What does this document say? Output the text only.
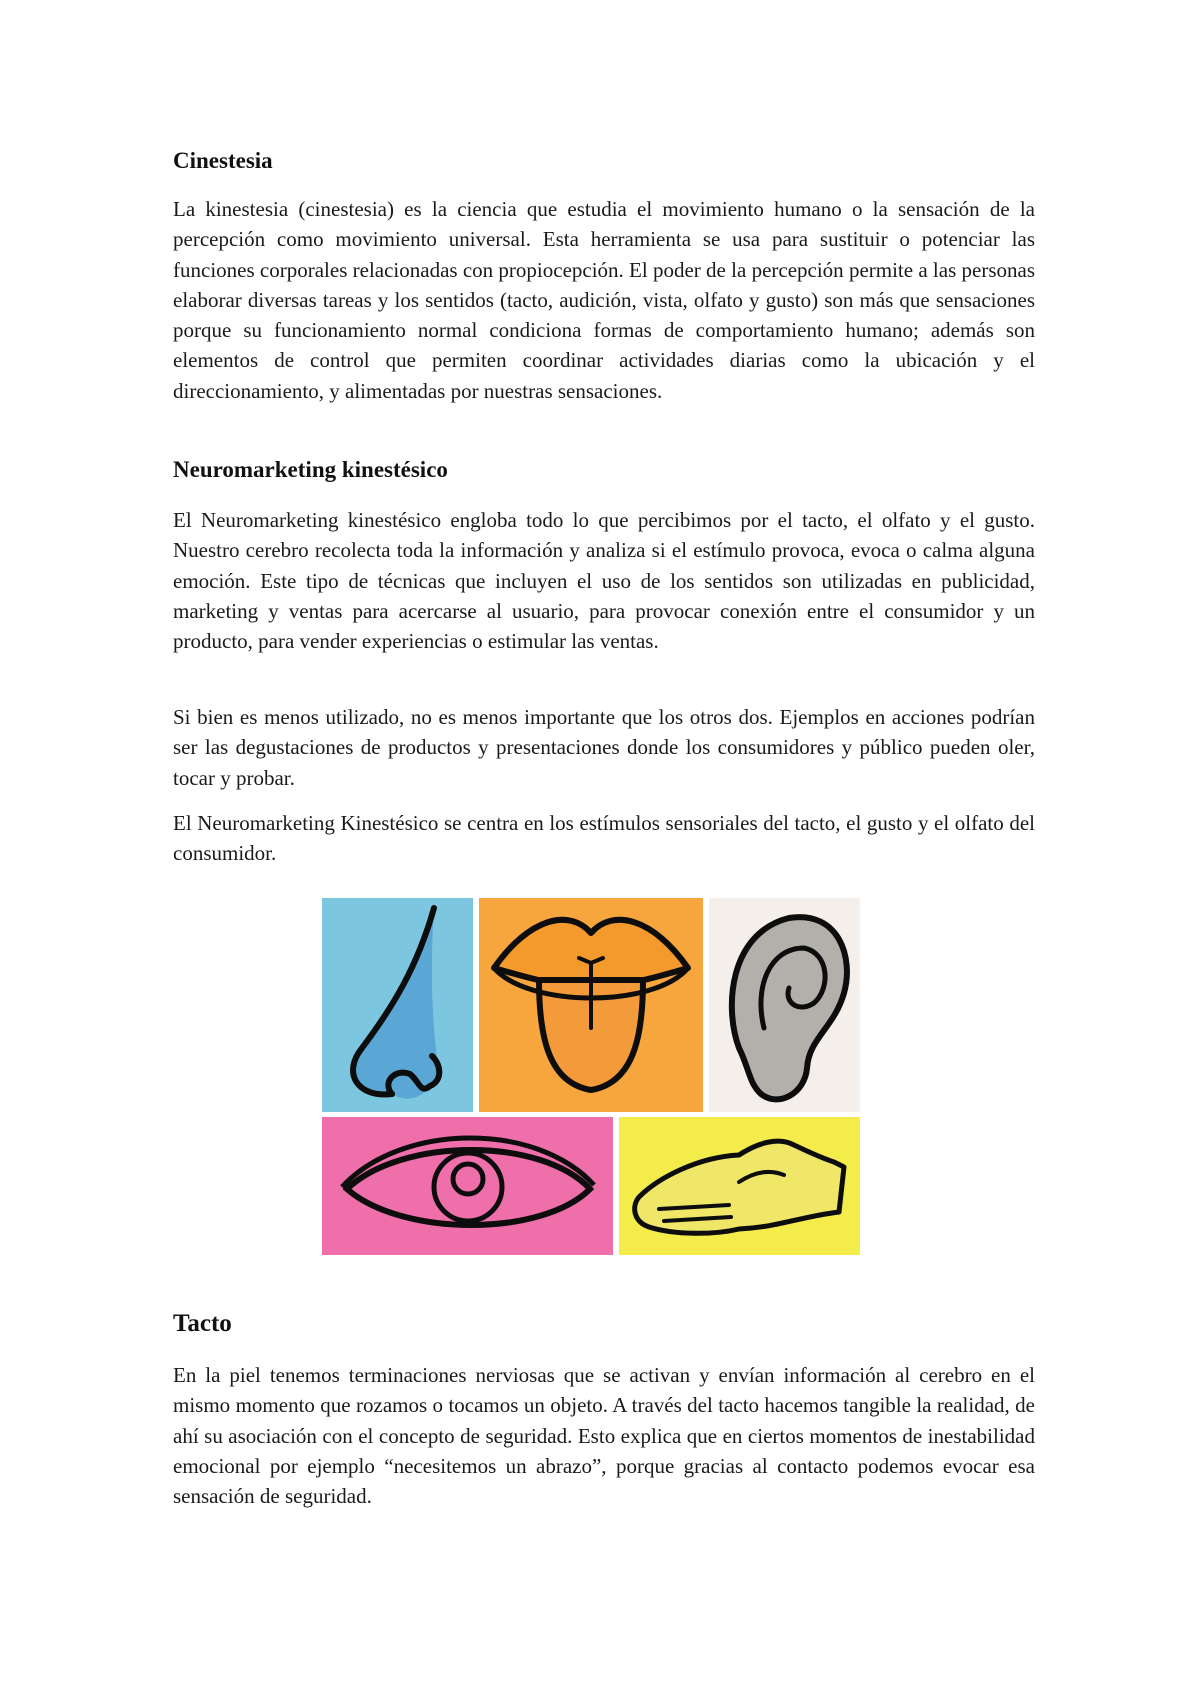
Cinestesia

La kinestesia (cinestesia) es la ciencia que estudia el movimiento humano o la sensación de la percepción como movimiento universal. Esta herramienta se usa para sustituir o potenciar las funciones corporales relacionadas con propiocepción. El poder de la percepción permite a las personas elaborar diversas tareas y los sentidos (tacto, audición, vista, olfato y gusto) son más que sensaciones porque su funcionamiento normal condiciona formas de comportamiento humano; además son elementos de control que permiten coordinar actividades diarias como la ubicación y el direccionamiento, y alimentadas por nuestras sensaciones.

Neuromarketing kinestésico

El Neuromarketing kinestésico engloba todo lo que percibimos por el tacto, el olfato y el gusto. Nuestro cerebro recolecta toda la información y analiza si el estímulo provoca, evoca o calma alguna emoción. Este tipo de técnicas que incluyen el uso de los sentidos son utilizadas en publicidad, marketing y ventas para acercarse al usuario, para provocar conexión entre el consumidor y un producto, para vender experiencias o estimular las ventas.

Si bien es menos utilizado, no es menos importante que los otros dos. Ejemplos en acciones podrían ser las degustaciones de productos y presentaciones donde los consumidores y público pueden oler, tocar y probar.

El Neuromarketing Kinestésico se centra en los estímulos sensoriales del tacto, el gusto y el olfato del consumidor.

Tacto

En la piel tenemos terminaciones nerviosas que se activan y envían información al cerebro en el mismo momento que rozamos o tocamos un objeto. A través del tacto hacemos tangible la realidad, de ahí su asociación con el concepto de seguridad. Esto explica que en ciertos momentos de inestabilidad emocional por ejemplo “necesitemos un abrazo”, porque gracias al contacto podemos evocar esa sensación de seguridad.
